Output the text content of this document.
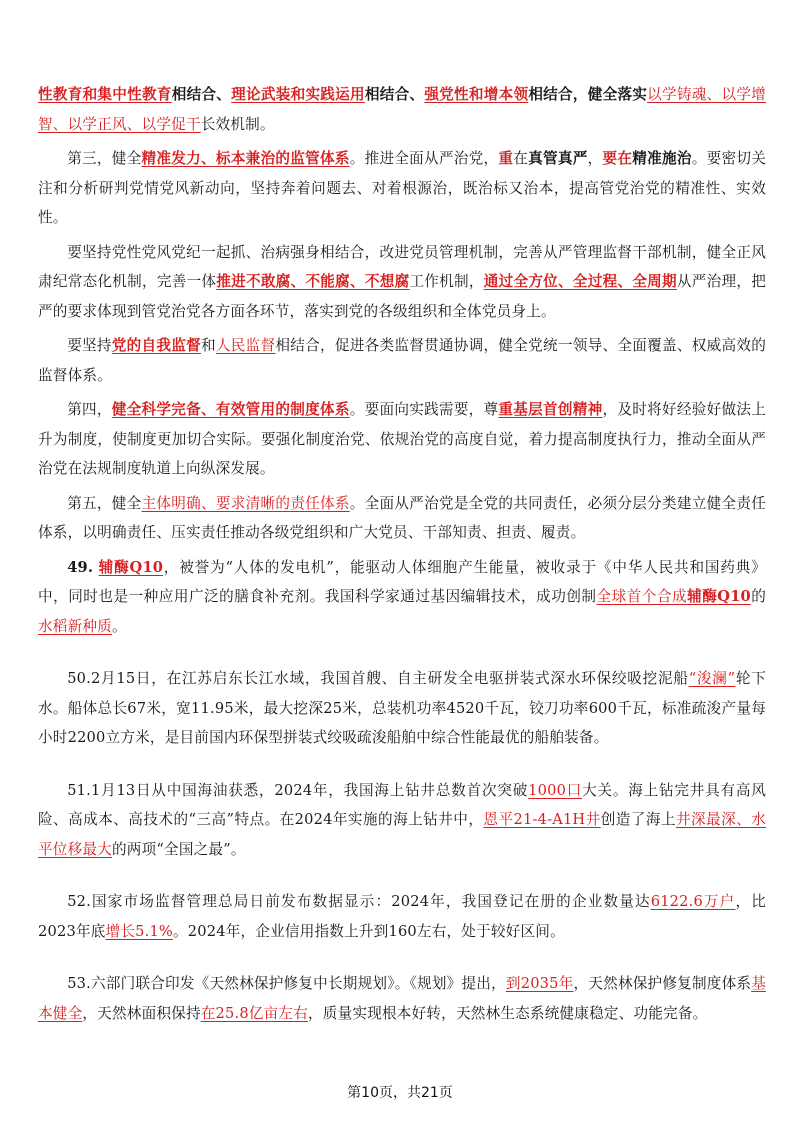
性教育和集中性教育相结合、理论武装和实践运用相结合、强党性和增本领相结合，健全落实以学铸魂、以学增智、以学正风、以学促干长效机制。

第三，健全精准发力、标本兼治的监管体系。推进全面从严治党，重在真管真严，要在精准施治。要密切关注和分析研判党情党风新动向，坚持奔着问题去、对着根源治，既治标又治本，提高管党治党的精准性、实效性。

要坚持党性党风党纪一起抓、治病强身相结合，改进党员管理机制，完善从严管理监督干部机制，健全正风肃纪常态化机制，完善一体推进不敢腐、不能腐、不想腐工作机制，通过全方位、全过程、全周期从严治理，把严的要求体现到管党治党各方面各环节，落实到党的各级组织和全体党员身上。

要坚持党的自我监督和人民监督相结合，促进各类监督贯通协调，健全党统一领导、全面覆盖、权威高效的监督体系。

第四，健全科学完备、有效管用的制度体系。要面向实践需要，尊重基层首创精神，及时将好经验好做法上升为制度，使制度更加切合实际。要强化制度治党、依规治党的高度自觉，着力提高制度执行力，推动全面从严治党在法规制度轨道上向纵深发展。

第五，健全主体明确、要求清晰的责任体系。全面从严治党是全党的共同责任，必须分层分类建立健全责任体系，以明确责任、压实责任推动各级党组织和广大党员、干部知责、担责、履责。

49. 辅酶Q10，被誉为“人体的发电机”，能驱动人体细胞产生能量，被收录于《中华人民共和国药典》中，同时也是一种应用广泛的膳食补充剂。我国科学家通过基因编辑技术，成功创制全球首个合成辅酶Q10的水稻新种质。

50.2月15日，在江苏启东长江水域，我国首艘、自主研发全电驱拼装式深水环保绞吸挖泥船“浚澜”轮下水。船体总长67米，宽11.95米，最大挖深25米，总装机功率4520千瓦，铰刀功率600千瓦，标准疏浚产量每小时2200立方米，是目前国内环保型拼装式绞吸疏浚船舶中综合性能最优的船舶装备。

51.1月13日从中国海油获悉，2024年，我国海上钻井总数首次突破1000口大关。海上钻完井具有高风险、高成本、高技术的“三高”特点。在2024年实施的海上钻井中，恩平21-4-A1H井创造了海上井深最深、水平位移最大的两项“全国之最”。

52.国家市场监督管理总局日前发布数据显示：2024年，我国登记在册的企业数量达6122.6万户，比2023年底增长5.1%。2024年，企业信用指数上升到160左右，处于较好区间。

53.六部门联合印发《天然林保护修复中长期规划》。《规划》提出，到2035年，天然林保护修复制度体系基本健全，天然林面积保持在25.8亿亩左右，质量实现根本好转，天然林生态系统健康稳定、功能完备。

第10页，共21页
